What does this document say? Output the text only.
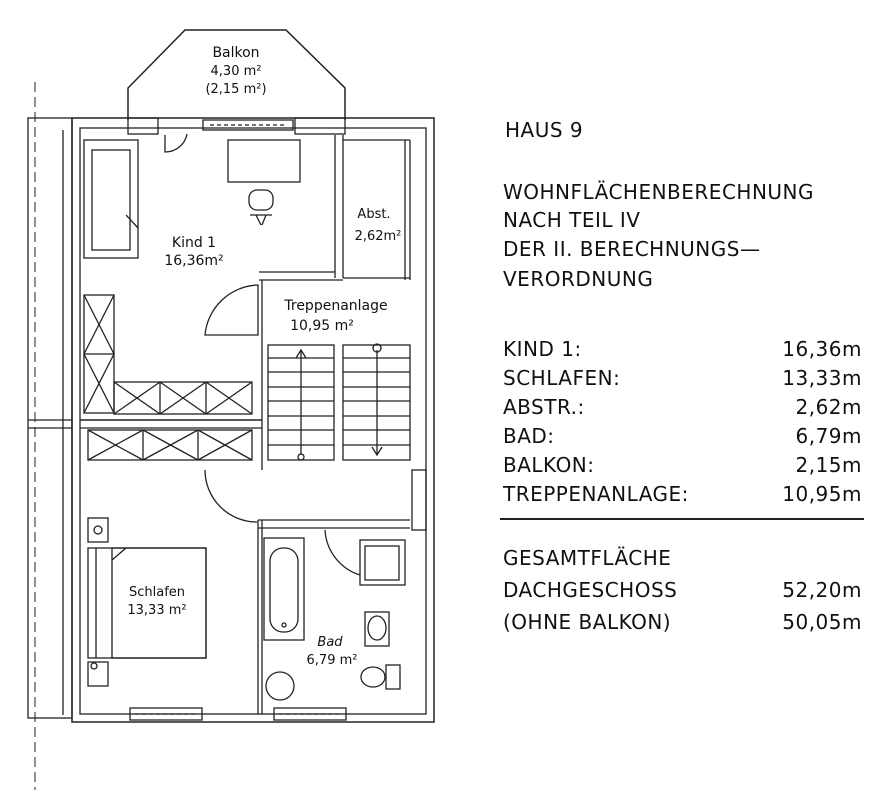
Balkon
4,30 m²
(2,15 m²)
Kind 1
16,36m²
Abst.
2,62m²
Treppenanlage
10,95 m²
Schlafen
13,33 m²
Bad
6,79 m²
HAUS 9
WOHNFLÄCHENBERECHNUNG
NACH TEIL IV
DER II. BERECHNUNGS—
VERORDNUNG
KIND 1:	16,36m
SCHLAFEN:	13,33m
ABSTR.:	2,62m
BAD:	6,79m
BALKON:	2,15m
TREPPENANLAGE:	10,95m
GESAMTFLÄCHE
DACHGESCHOSS	52,20m
(OHNE BALKON)	50,05m
